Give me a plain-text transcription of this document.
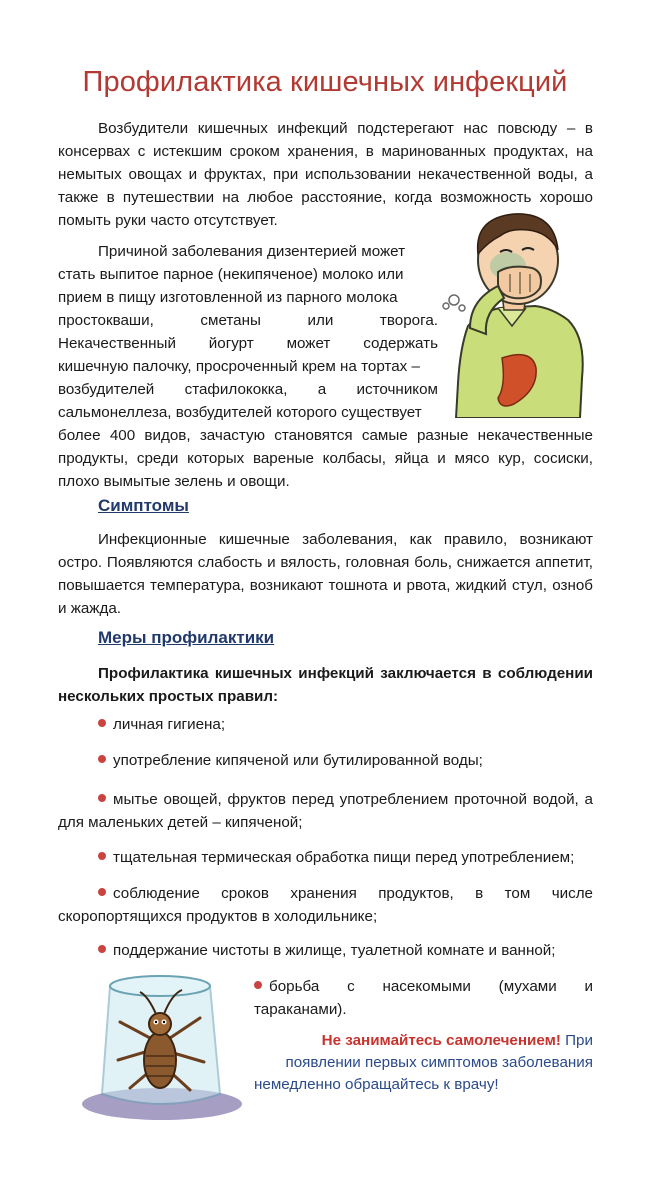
Профилактика кишечных инфекций

Возбудители кишечных инфекций подстерегают нас повсюду – в консервах с истекшим сроком хранения, в маринованных продуктах, на немытых овощах и фруктах, при использовании некачественной воды, а также в путешествии на любое расстояние, когда возможность хорошо помыть руки часто отсутствует.

Причиной заболевания дизентерией может

стать выпитое парное (некипяченое) молоко или

прием в пищу изготовленной из парного молока

простокваши, сметаны или творога.

Некачественный йогурт может содержать

кишечную палочку, просроченный крем на тортах –

возбудителей стафилококка, а источником

сальмонеллеза, возбудителей которого существует

более 400 видов, зачастую становятся самые разные некачественные продукты, среди которых вареные колбасы, яйца и мясо кур, сосиски, плохо вымытые зелень и овощи.

Симптомы

Инфекционные кишечные заболевания, как правило, возникают остро. Появляются слабость и вялость, головная боль, снижается аппетит, повышается температура, возникают тошнота и рвота, жидкий стул, озноб и жажда.

Меры профилактики

Профилактика кишечных инфекций заключается в соблюдении нескольких простых правил:

личная гигиена;

употребление кипяченой или бутилированной воды;

мытье овощей, фруктов перед употреблением проточной водой, а для маленьких детей – кипяченой;

тщательная термическая обработка пищи перед употреблением;

соблюдение сроков хранения продуктов, в том числе скоропортящихся продуктов в холодильнике;

поддержание чистоты в жилище, туалетной комнате и ванной;

борьба с насекомыми (мухами и тараканами).

Не занимайтесь самолечением! При появлении первых симптомов заболевания немедленно обращайтесь к врачу!
